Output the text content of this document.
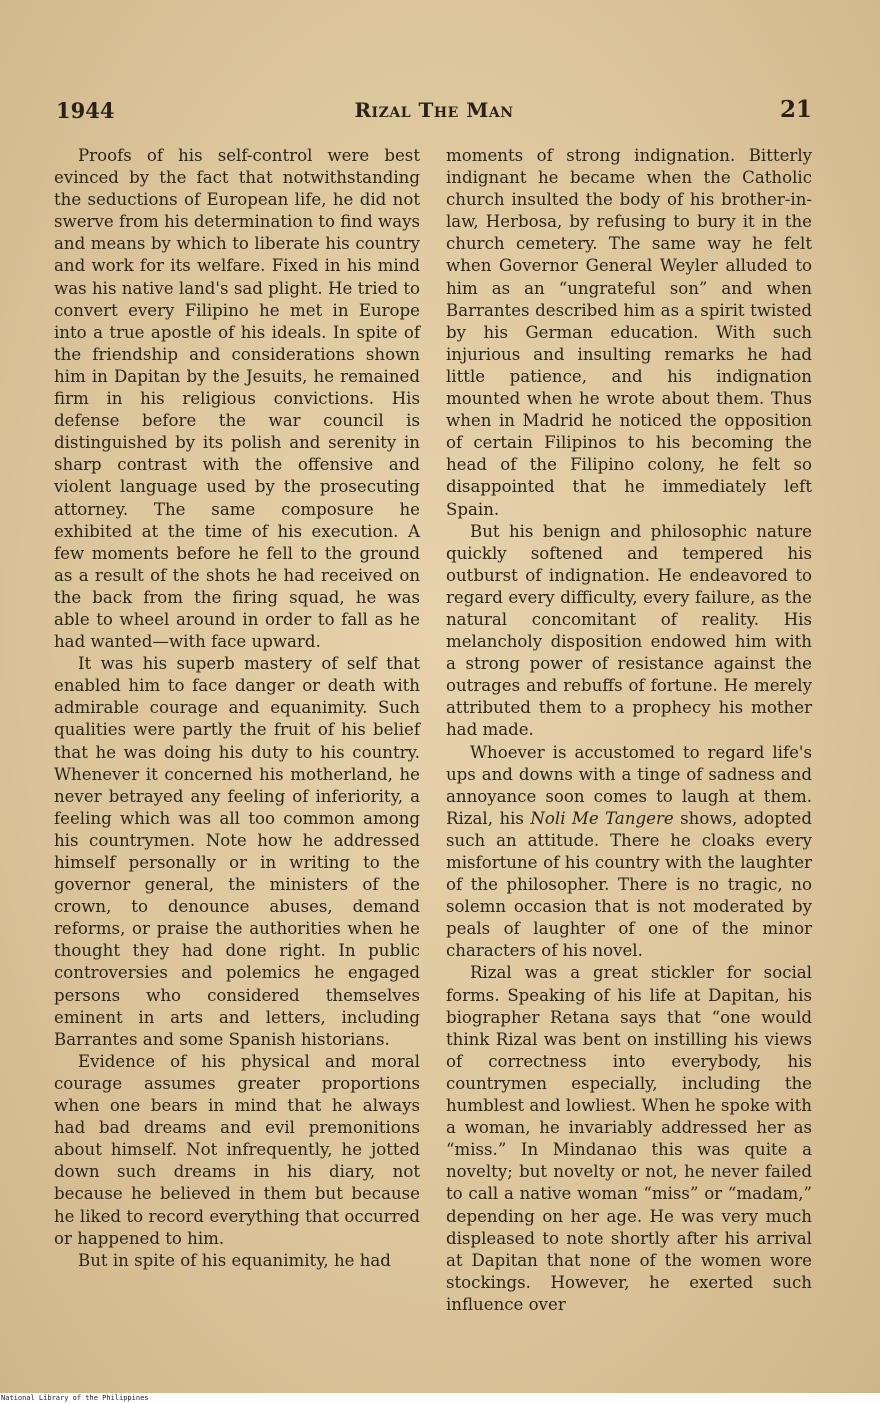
1944	Rizal The Man	21

Proofs of his self-control were best evinced by the fact that notwithstanding the seductions of European life, he did not swerve from his determination to find ways and means by which to liberate his country and work for its welfare. Fixed in his mind was his native land's sad plight. He tried to convert every Filipino he met in Europe into a true apostle of his ideals. In spite of the friendship and considerations shown him in Dapitan by the Jesuits, he remained firm in his religious convictions. His defense before the war council is distinguished by its polish and serenity in sharp contrast with the offensive and violent language used by the prosecuting attorney. The same composure he exhibited at the time of his execution. A few moments before he fell to the ground as a result of the shots he had received on the back from the firing squad, he was able to wheel around in order to fall as he had wanted—with face upward.

It was his superb mastery of self that enabled him to face danger or death with admirable courage and equanimity. Such qualities were partly the fruit of his belief that he was doing his duty to his country. Whenever it concerned his motherland, he never betrayed any feeling of inferiority, a feeling which was all too common among his countrymen. Note how he addressed himself personally or in writing to the governor general, the ministers of the crown, to denounce abuses, demand reforms, or praise the authorities when he thought they had done right. In public controversies and polemics he engaged persons who considered themselves eminent in arts and letters, including Barrantes and some Spanish historians.

Evidence of his physical and moral courage assumes greater proportions when one bears in mind that he always had bad dreams and evil premonitions about himself. Not infrequently, he jotted down such dreams in his diary, not because he believed in them but because he liked to record everything that occurred or happened to him.

But in spite of his equanimity, he had

moments of strong indignation. Bitterly indignant he became when the Catholic church insulted the body of his brother-in-law, Herbosa, by refusing to bury it in the church cemetery. The same way he felt when Governor General Weyler alluded to him as an “ungrateful son” and when Barrantes described him as a spirit twisted by his German education. With such injurious and insulting remarks he had little patience, and his indignation mounted when he wrote about them. Thus when in Madrid he noticed the opposition of certain Filipinos to his becoming the head of the Filipino colony, he felt so disappointed that he immediately left Spain.

But his benign and philosophic nature quickly softened and tempered his outburst of indignation. He endeavored to regard every difficulty, every failure, as the natural concomitant of reality. His melancholy disposition endowed him with a strong power of resistance against the outrages and rebuffs of fortune. He merely attributed them to a prophecy his mother had made.

Whoever is accustomed to regard life's ups and downs with a tinge of sadness and annoyance soon comes to laugh at them. Rizal, his Noli Me Tangere shows, adopted such an attitude. There he cloaks every misfortune of his country with the laughter of the philosopher. There is no tragic, no solemn occasion that is not moderated by peals of laughter of one of the minor characters of his novel.

Rizal was a great stickler for social forms. Speaking of his life at Dapitan, his biographer Retana says that “one would think Rizal was bent on instilling his views of correctness into everybody, his countrymen especially, including the humblest and lowliest. When he spoke with a woman, he invariably addressed her as “miss.” In Mindanao this was quite a novelty; but novelty or not, he never failed to call a native woman “miss” or “madam,” depending on her age. He was very much displeased to note shortly after his arrival at Dapitan that none of the women wore stockings. However, he exerted such influence over

National Library of the Philippines
